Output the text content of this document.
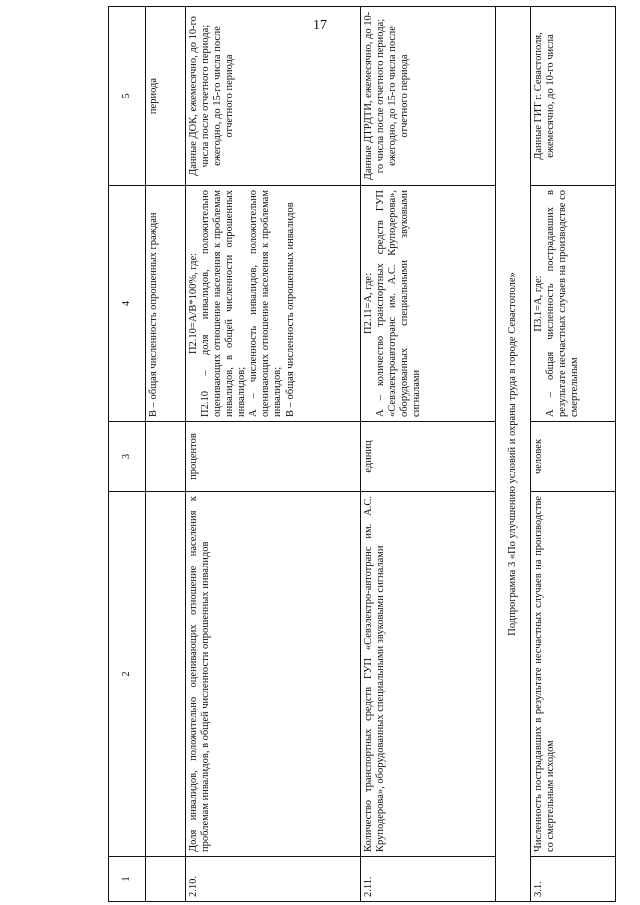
17
1	2	3	4	5
			В – общая численность опрошенных граждан	периода
2.10.	Доля инвалидов, положительно оценивающих отношение населения к проблемам инвалидов, в общей численности опрошенных инвалидов	процентов	П2.10=А/В*100%, где: П2.10 – доля инвалидов, положительно оценивающих отношение населения к проблемам инвалидов, в общей численности опрошенных инвалидов;
А – численность инвалидов, положительно оценивающих отношение населения к проблемам инвалидов;
В – общая численность опрошенных инвалидов	Данные ДОК, ежемесячно, до 10-го числа после отчетного периода; ежегодно, до 15-го числа после отчетного периода
2.11.	Количество транспортных средств ГУП «Севэлектро-автотранс им. А.С. Круподерова», оборудованных специальными звуковыми сигналами	единиц	П2.11=А, где: А – количество транспортных средств ГУП «Севэлектроавтотранс им. А.С. Круподерова», оборудованных специальными звуковыми сигналами	Данные ДТРДТИ, ежемесячно, до 10-го числа после отчетного периода; ежегодно, до 15-го числа после отчетного периода
Подпрограмма 3 «По улучшению условий и охраны труда в городе Севастополе»				
3.1.	Численность пострадавших в результате несчастных случаев на производстве со смертельным исходом	человек	П3.1=А, где: А – общая численность пострадавших в результате несчастных случаев на производстве со смертельным	Данные ГИТ г. Севастополя, ежемесячно, до 10-го числа
